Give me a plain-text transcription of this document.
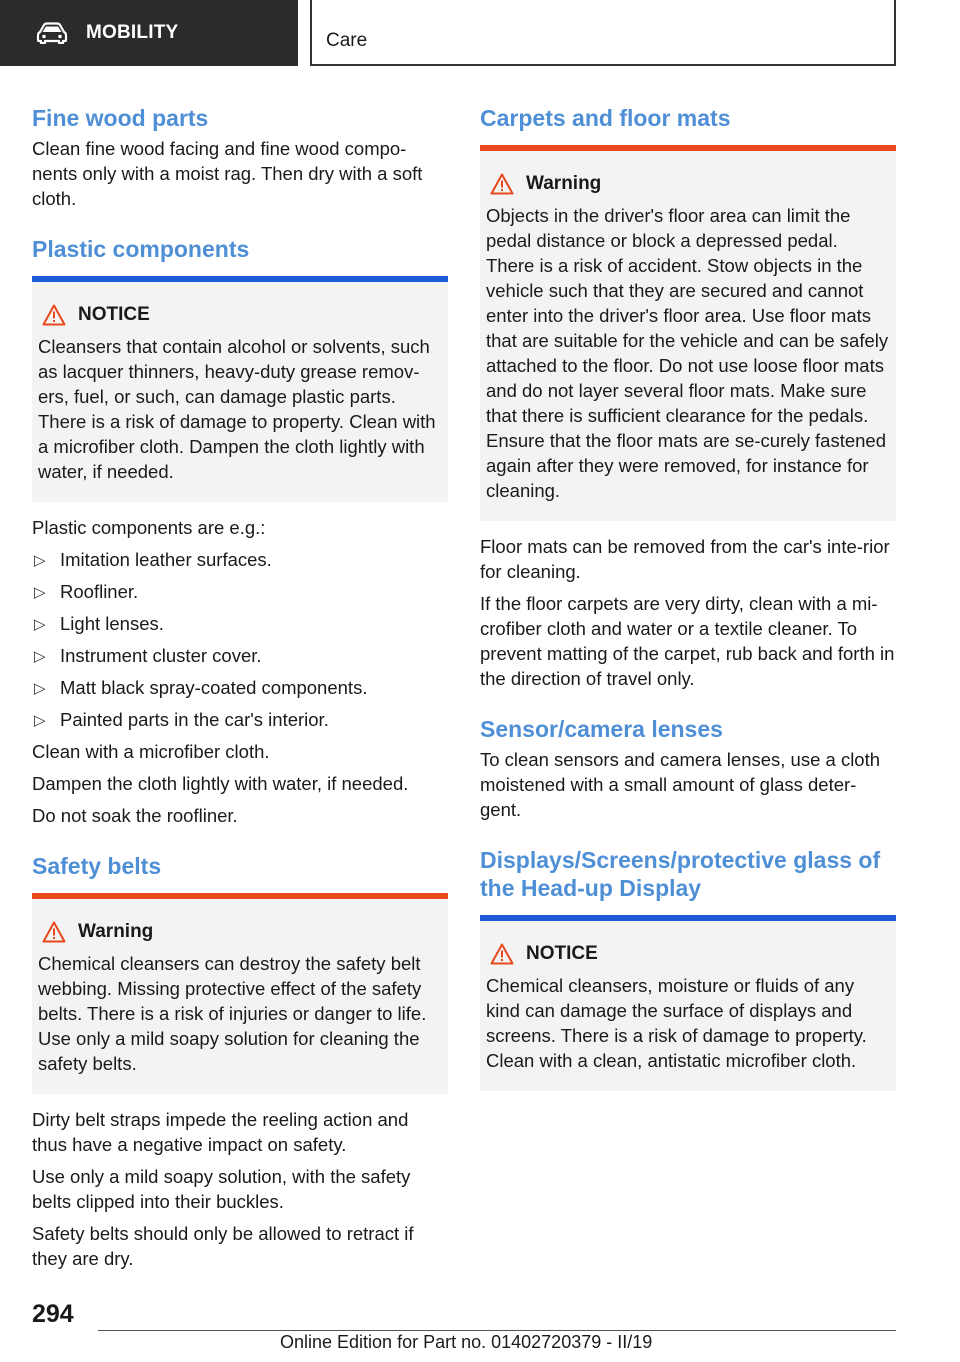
MOBILITY	Care
Fine wood parts

Clean fine wood facing and fine wood compo‐nents only with a moist rag. Then dry with a soft cloth.

Plastic components
NOTICE

Cleansers that contain alcohol or solvents, such as lacquer thinners, heavy-duty grease remov‐ers, fuel, or such, can damage plastic parts. There is a risk of damage to property. Clean with a microfiber cloth. Dampen the cloth lightly with water, if needed.

Plastic components are e.g.:

▷ Imitation leather surfaces.
▷ Roofliner.
▷ Light lenses.
▷ Instrument cluster cover.
▷ Matt black spray-coated components.
▷ Painted parts in the car's interior.

Clean with a microfiber cloth.

Dampen the cloth lightly with water, if needed.

Do not soak the roofliner.

Safety belts
Warning

Chemical cleansers can destroy the safety belt webbing. Missing protective effect of the safety belts. There is a risk of injuries or danger to life. Use only a mild soapy solution for cleaning the safety belts.

Dirty belt straps impede the reeling action and thus have a negative impact on safety.

Use only a mild soapy solution, with the safety belts clipped into their buckles.

Safety belts should only be allowed to retract if they are dry.

Carpets and floor mats
Warning

Objects in the driver's floor area can limit the pedal distance or block a depressed pedal. There is a risk of accident. Stow objects in the vehicle such that they are secured and cannot enter into the driver's floor area. Use floor mats that are suitable for the vehicle and can be safely attached to the floor. Do not use loose floor mats and do not layer several floor mats. Make sure that there is sufficient clearance for the pedals. Ensure that the floor mats are se‐curely fastened again after they were removed, for instance for cleaning.

Floor mats can be removed from the car's inte‐rior for cleaning.

If the floor carpets are very dirty, clean with a mi‐crofiber cloth and water or a textile cleaner. To prevent matting of the carpet, rub back and forth in the direction of travel only.

Sensor/camera lenses

To clean sensors and camera lenses, use a cloth moistened with a small amount of glass deter‐gent.

Displays/Screens/protective glass of the Head-up Display
NOTICE

Chemical cleansers, moisture or fluids of any kind can damage the surface of displays and screens. There is a risk of damage to property. Clean with a clean, antistatic microfiber cloth.

294
Online Edition for Part no. 01402720379 - II/19
